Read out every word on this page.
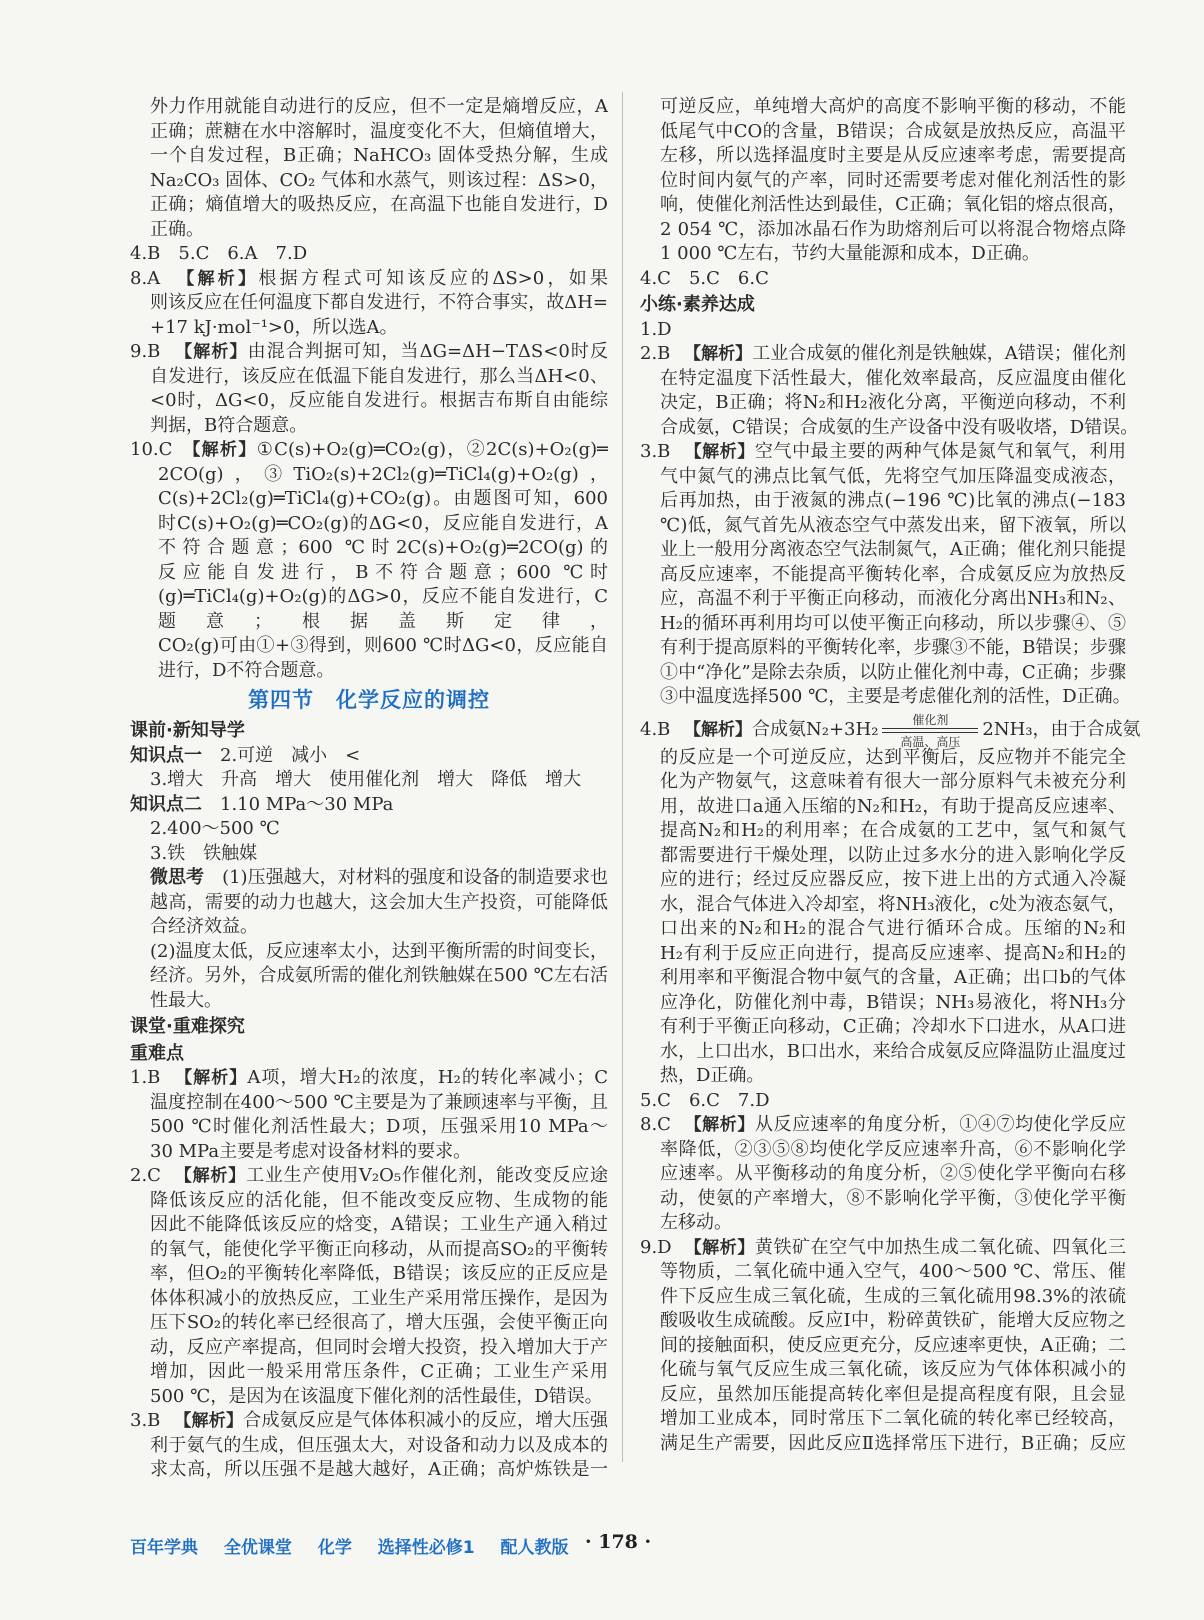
外力作用就能自动进行的反应，但不一定是熵增反应，A
正确；蔗糖在水中溶解时，温度变化不大，但熵值增大，
一个自发过程，B正确；NaHCO₃ 固体受热分解，生成
Na₂CO₃ 固体、CO₂ 气体和水蒸气，则该过程：ΔS>0，
正确；熵值增大的吸热反应，在高温下也能自发进行，D
正确。
4.B　5.C　6.A　7.D
8.A 【解析】根据方程式可知该反应的ΔS>0，如果
则该反应在任何温度下都自发进行，不符合事实，故ΔH=
+17 kJ·mol⁻¹>0，所以选A。
9.B 【解析】由混合判据可知，当ΔG=ΔH−TΔS<0时反
自发进行，该反应在低温下能自发进行，那么当ΔH<0、
<0时，ΔG<0，反应能自发进行。根据吉布斯自由能综
判据，B符合题意。
10.C 【解析】①C(s)+O₂(g)═CO₂(g)，②2C(s)+O₂(g)═
2CO(g)，③TiO₂(s)+2Cl₂(g)═TiCl₄(g)+O₂(g)，
C(s)+2Cl₂(g)═TiCl₄(g)+CO₂(g)。由题图可知，600
时C(s)+O₂(g)═CO₂(g)的ΔG<0，反应能自发进行，A
不符合题意；600 ℃时2C(s)+O₂(g)═2CO(g)的
反应能自发进行，B不符合题意；600 ℃时
(g)═TiCl₄(g)+O₂(g)的ΔG>0，反应不能自发进行，C
题意；根据盖斯定律，
CO₂(g)可由①+③得到，则600 ℃时ΔG<0，反应能自
进行，D不符合题意。
第四节　化学反应的调控
课前·新知导学
知识点一 2.可逆　减小　<
3.增大　升高　增大　使用催化剂　增大　降低　增大
知识点二 1.10 MPa～30 MPa
2.400～500 ℃
3.铁　铁触媒
微思考 (1)压强越大，对材料的强度和设备的制造要求也
越高，需要的动力也越大，这会加大生产投资，可能降低
合经济效益。
(2)温度太低，反应速率太小，达到平衡所需的时间变长，
经济。另外，合成氨所需的催化剂铁触媒在500 ℃左右活
性最大。
课堂·重难探究
重难点
1.B 【解析】A项，增大H₂的浓度，H₂的转化率减小；C
温度控制在400～500 ℃主要是为了兼顾速率与平衡，且
500 ℃时催化剂活性最大；D项，压强采用10 MPa～
30 MPa主要是考虑对设备材料的要求。
2.C 【解析】工业生产使用V₂O₅作催化剂，能改变反应途
降低该反应的活化能，但不能改变反应物、生成物的能
因此不能降低该反应的焓变，A错误；工业生产通入稍过
的氧气，能使化学平衡正向移动，从而提高SO₂的平衡转
率，但O₂的平衡转化率降低，B错误；该反应的正反应是
体体积减小的放热反应，工业生产采用常压操作，是因为
压下SO₂的转化率已经很高了，增大压强，会使平衡正向
动，反应产率提高，但同时会增大投资，投入增加大于产
增加，因此一般采用常压条件，C正确；工业生产采用
500 ℃，是因为在该温度下催化剂的活性最佳，D错误。
3.B 【解析】合成氨反应是气体体积减小的反应，增大压强
利于氨气的生成，但压强太大，对设备和动力以及成本的
求太高，所以压强不是越大越好，A正确；高炉炼铁是一
可逆反应，单纯增大高炉的高度不影响平衡的移动，不能
低尾气中CO的含量，B错误；合成氨是放热反应，高温平
左移，所以选择温度时主要是从反应速率考虑，需要提高
位时间内氨气的产率，同时还需要考虑对催化剂活性的影
响，使催化剂活性达到最佳，C正确；氧化铝的熔点很高，
2 054 ℃，添加冰晶石作为助熔剂后可以将混合物熔点降
1 000 ℃左右，节约大量能源和成本，D正确。
4.C　5.C　6.C
小练·素养达成
1.D
2.B 【解析】工业合成氨的催化剂是铁触媒，A错误；催化剂
在特定温度下活性最大，催化效率最高，反应温度由催化
决定，B正确；将N₂和H₂液化分离，平衡逆向移动，不利
合成氨，C错误；合成氨的生产设备中没有吸收塔，D错误。
3.B 【解析】空气中最主要的两种气体是氮气和氧气，利用
气中氮气的沸点比氧气低，先将空气加压降温变成液态，
后再加热，由于液氮的沸点(−196 ℃)比氧的沸点(−183
℃)低，氮气首先从液态空气中蒸发出来，留下液氧，所以
业上一般用分离液态空气法制氮气，A正确；催化剂只能提
高反应速率，不能提高平衡转化率，合成氨反应为放热反
应，高温不利于平衡正向移动，而液化分离出NH₃和N₂、
H₂的循环再利用均可以使平衡正向移动，所以步骤④、⑤
有利于提高原料的平衡转化率，步骤③不能，B错误；步骤
①中“净化”是除去杂质，以防止催化剂中毒，C正确；步骤
③中温度选择500 ℃，主要是考虑催化剂的活性，D正确。
4.B 【解析】合成氨N₂+3H₂	催化剂
高温、高压
2NH₃，由于合成氨
的反应是一个可逆反应，达到平衡后，反应物并不能完全
化为产物氨气，这意味着有很大一部分原料气未被充分利
用，故进口a通入压缩的N₂和H₂，有助于提高反应速率、
提高N₂和H₂的利用率；在合成氨的工艺中，氢气和氮气
都需要进行干燥处理，以防止过多水分的进入影响化学反
应的进行；经过反应器反应，按下进上出的方式通入冷凝
水，混合气体进入冷却室，将NH₃液化，c处为液态氨气，
口出来的N₂和H₂的混合气进行循环合成。压缩的N₂和
H₂有利于反应正向进行，提高反应速率、提高N₂和H₂的
利用率和平衡混合物中氨气的含量，A正确；出口b的气体
应净化，防催化剂中毒，B错误；NH₃易液化，将NH₃分
有利于平衡正向移动，C正确；冷却水下口进水，从A口进
水，上口出水，B口出水，来给合成氨反应降温防止温度过
热，D正确。
5.C　6.C　7.D
8.C 【解析】从反应速率的角度分析，①④⑦均使化学反应
率降低，②③⑤⑧均使化学反应速率升高，⑥不影响化学
应速率。从平衡移动的角度分析，②⑤使化学平衡向右移
动，使氨的产率增大，⑧不影响化学平衡，③使化学平衡
左移动。
9.D 【解析】黄铁矿在空气中加热生成二氧化硫、四氧化三
等物质，二氧化硫中通入空气，400～500 ℃、常压、催
件下反应生成三氧化硫，生成的三氧化硫用98.3%的浓硫
酸吸收生成硫酸。反应Ⅰ中，粉碎黄铁矿，能增大反应物之
间的接触面积，使反应更充分，反应速率更快，A正确；二
化硫与氧气反应生成三氧化硫，该反应为气体体积减小的
反应，虽然加压能提高转化率但是提高程度有限，且会显
增加工业成本，同时常压下二氧化硫的转化率已经较高，
满足生产需要，因此反应Ⅱ选择常压下进行，B正确；反应
百年学典 全优课堂 化学 选择性必修1 配人教版 · 178 ·
